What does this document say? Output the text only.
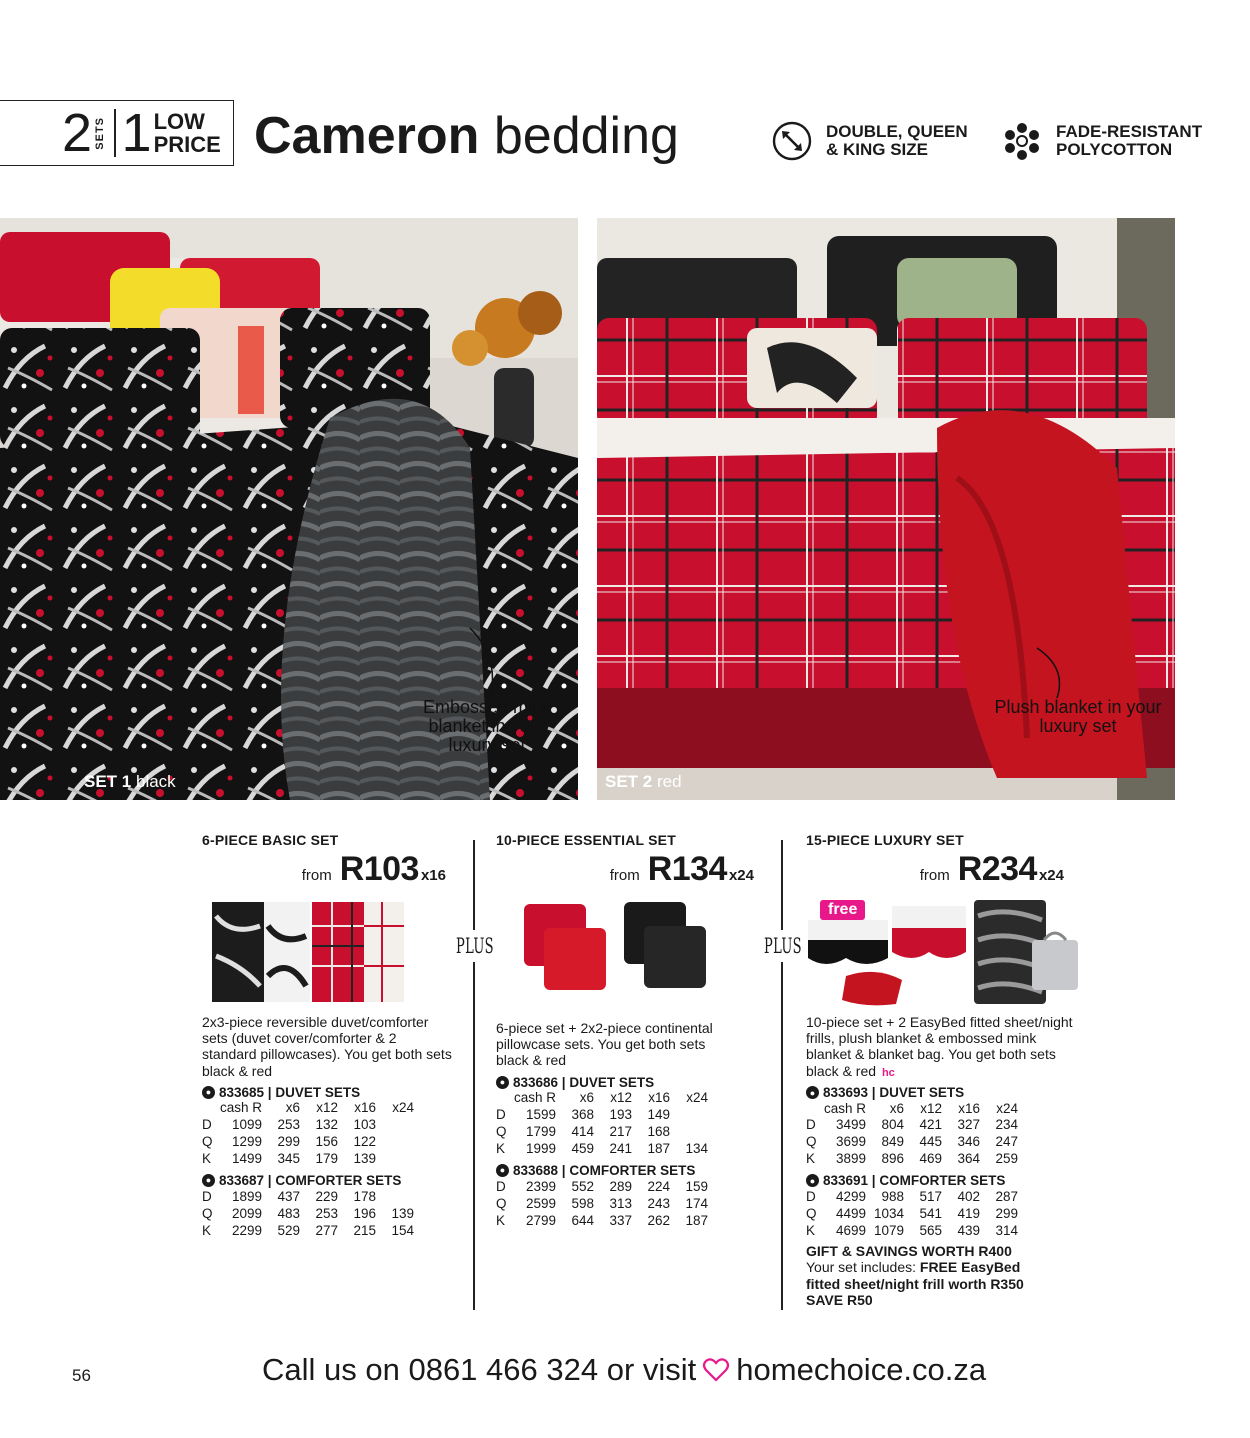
2 SETS 1 LOW
PRICE Cameron bedding	DOUBLE, QUEEN
& KING SIZE
FADE-RESISTANT
POLYCOTTON
Embossed mink blanket in your luxury set
SET 1 black
Plush blanket in your luxury set
SET 2 red
PLUS	PLUS
6-PIECE BASIC SET
from R103 x16
2x3-piece reversible duvet/comforter sets (duvet cover/comforter & 2 standard pillowcases). You get both sets black & red
● 833685 | DUVET SETS
	cash R	x6	x12	x16	x24
D	1099	253	132	103	
Q	1299	299	156	122	
K	1499	345	179	139	
● 833687 | COMFORTER SETS
D	1899	437	229	178	
Q	2099	483	253	196	139
K	2299	529	277	215	154
10-PIECE ESSENTIAL SET
from R134 x24
6-piece set + 2x2-piece continental pillowcase sets. You get both sets black & red
● 833686 | DUVET SETS
	cash R	x6	x12	x16	x24
D	1599	368	193	149	
Q	1799	414	217	168	
K	1999	459	241	187	134
● 833688 | COMFORTER SETS
D	2399	552	289	224	159
Q	2599	598	313	243	174
K	2799	644	337	262	187
15-PIECE LUXURY SET
from R234 x24
free
10-piece set + 2 EasyBed fitted sheet/night frills, plush blanket & embossed mink blanket & blanket bag. You get both sets black & red hc
● 833693 | DUVET SETS
	cash R	x6	x12	x16	x24
D	3499	804	421	327	234
Q	3699	849	445	346	247
K	3899	896	469	364	259
● 833691 | COMFORTER SETS
D	4299	988	517	402	287
Q	4499	1034	541	419	299
K	4699	1079	565	439	314
GIFT & SAVINGS WORTH R400
Your set includes: FREE EasyBed fitted sheet/night frill worth R350 SAVE R50
56	Call us on 0861 466 324 or visit homechoice.co.za
